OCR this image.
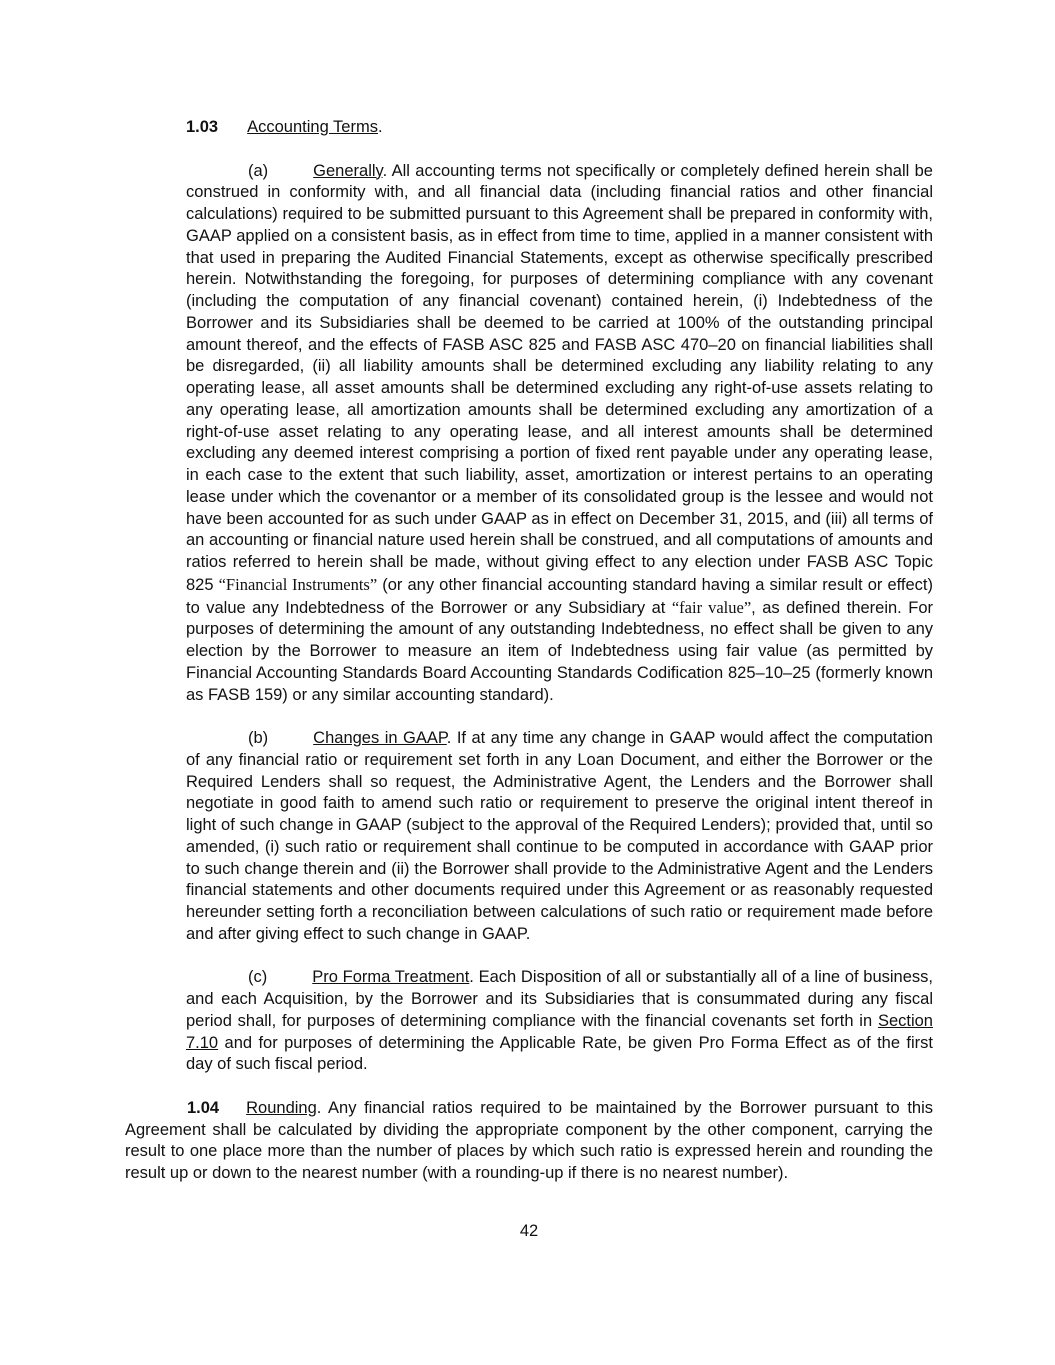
1.03 Accounting Terms.

(a)	Generally. All accounting terms not specifically or completely defined herein shall be construed in conformity with, and all financial data (including financial ratios and other financial calculations) required to be submitted pursuant to this Agreement shall be prepared in conformity with, GAAP applied on a consistent basis, as in effect from time to time, applied in a manner consistent with that used in preparing the Audited Financial Statements, except as otherwise specifically prescribed herein. Notwithstanding the foregoing, for purposes of determining compliance with any covenant (including the computation of any financial covenant) contained herein, (i) Indebtedness of the Borrower and its Subsidiaries shall be deemed to be carried at 100% of the outstanding principal amount thereof, and the effects of FASB ASC 825 and FASB ASC 470–20 on financial liabilities shall be disregarded, (ii) all liability amounts shall be determined excluding any liability relating to any operating lease, all asset amounts shall be determined excluding any right-of-use assets relating to any operating lease, all amortization amounts shall be determined excluding any amortization of a right-of-use asset relating to any operating lease, and all interest amounts shall be determined excluding any deemed interest comprising a portion of fixed rent payable under any operating lease, in each case to the extent that such liability, asset, amortization or interest pertains to an operating lease under which the covenantor or a member of its consolidated group is the lessee and would not have been accounted for as such under GAAP as in effect on December 31, 2015, and (iii) all terms of an accounting or financial nature used herein shall be construed, and all computations of amounts and ratios referred to herein shall be made, without giving effect to any election under FASB ASC Topic 825 “Financial Instruments” (or any other financial accounting standard having a similar result or effect) to value any Indebtedness of the Borrower or any Subsidiary at “fair value”, as defined therein. For purposes of determining the amount of any outstanding Indebtedness, no effect shall be given to any election by the Borrower to measure an item of Indebtedness using fair value (as permitted by Financial Accounting Standards Board Accounting Standards Codification 825–10–25 (formerly known as FASB 159) or any similar accounting standard).

(b)	Changes in GAAP. If at any time any change in GAAP would affect the computation of any financial ratio or requirement set forth in any Loan Document, and either the Borrower or the Required Lenders shall so request, the Administrative Agent, the Lenders and the Borrower shall negotiate in good faith to amend such ratio or requirement to preserve the original intent thereof in light of such change in GAAP (subject to the approval of the Required Lenders); provided that, until so amended, (i) such ratio or requirement shall continue to be computed in accordance with GAAP prior to such change therein and (ii) the Borrower shall provide to the Administrative Agent and the Lenders financial statements and other documents required under this Agreement or as reasonably requested hereunder setting forth a reconciliation between calculations of such ratio or requirement made before and after giving effect to such change in GAAP.

(c)	Pro Forma Treatment. Each Disposition of all or substantially all of a line of business, and each Acquisition, by the Borrower and its Subsidiaries that is consummated during any fiscal period shall, for purposes of determining compliance with the financial covenants set forth in Section 7.10 and for purposes of determining the Applicable Rate, be given Pro Forma Effect as of the first day of such fiscal period.

1.04 Rounding. Any financial ratios required to be maintained by the Borrower pursuant to this Agreement shall be calculated by dividing the appropriate component by the other component, carrying the result to one place more than the number of places by which such ratio is expressed herein and rounding the result up or down to the nearest number (with a rounding-up if there is no nearest number).

42
